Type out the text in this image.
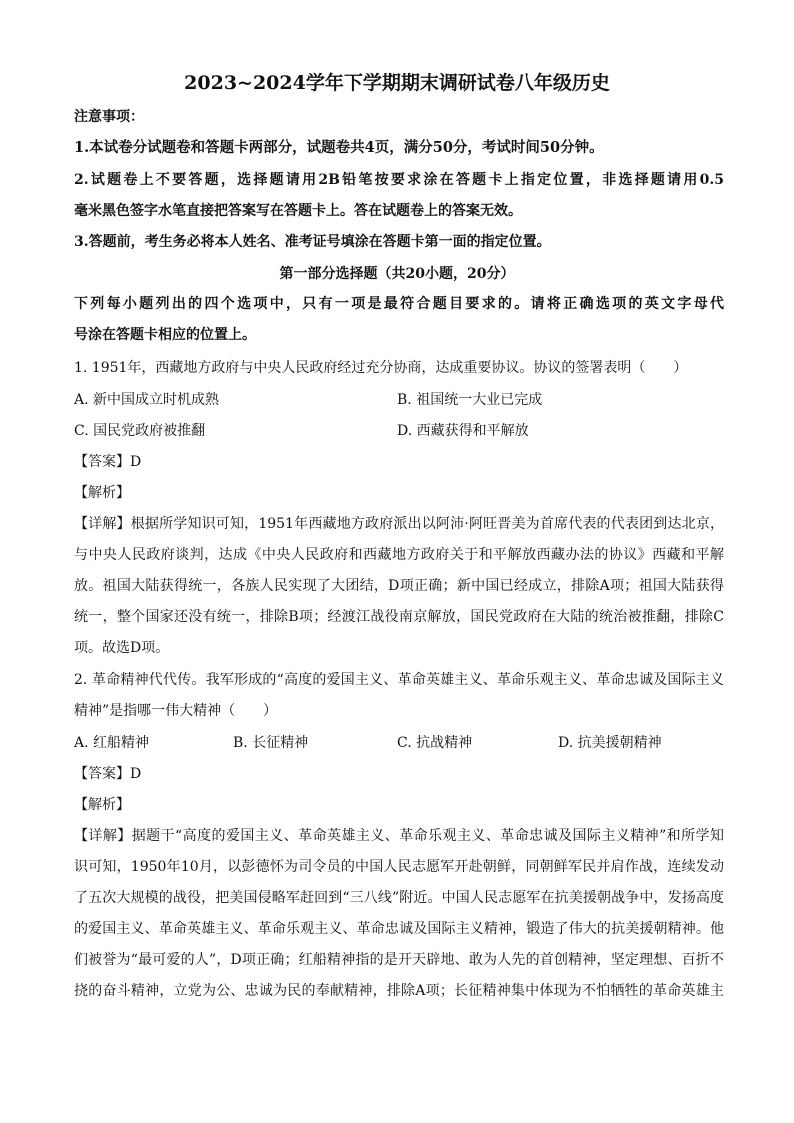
2023~2024学年下学期期末调研试卷八年级历史
注意事项：
1.本试卷分试题卷和答题卡两部分，试题卷共4页，满分50分，考试时间50分钟。
2.试题卷上不要答题，选择题请用2B铅笔按要求涂在答题卡上指定位置，非选择题请用0.5
毫米黑色签字水笔直接把答案写在答题卡上。答在试题卷上的答案无效。
3.答题前，考生务必将本人姓名、准考证号填涂在答题卡第一面的指定位置。
第一部分选择题（共20小题，20分）
下列每小题列出的四个选项中，只有一项是最符合题目要求的。请将正确选项的英文字母代
号涂在答题卡相应的位置上。
1. 1951年，西藏地方政府与中央人民政府经过充分协商，达成重要协议。协议的签署表明（　　）
A. 新中国成立时机成熟	B. 祖国统一大业已完成
C. 国民党政府被推翻	D. 西藏获得和平解放
【答案】D
【解析】
【详解】根据所学知识可知，1951年西藏地方政府派出以阿沛·阿旺晋美为首席代表的代表团到达北京，
与中央人民政府谈判，达成《中央人民政府和西藏地方政府关于和平解放西藏办法的协议》西藏和平解
放。祖国大陆获得统一，各族人民实现了大团结，D项正确；新中国已经成立，排除A项；祖国大陆获得
统一，整个国家还没有统一，排除B项；经渡江战役南京解放，国民党政府在大陆的统治被推翻，排除C
项。故选D项。
2. 革命精神代代传。我军形成的“高度的爱国主义、革命英雄主义、革命乐观主义、革命忠诚及国际主义
精神”是指哪一伟大精神（　　）
A. 红船精神	B. 长征精神	C. 抗战精神	D. 抗美援朝精神
【答案】D
【解析】
【详解】据题干“高度的爱国主义、革命英雄主义、革命乐观主义、革命忠诚及国际主义精神”和所学知
识可知，1950年10月，以彭德怀为司令员的中国人民志愿军开赴朝鲜，同朝鲜军民并肩作战，连续发动
了五次大规模的战役，把美国侵略军赶回到“三八线”附近。中国人民志愿军在抗美援朝战争中，发扬高度
的爱国主义、革命英雄主义、革命乐观主义、革命忠诚及国际主义精神，锻造了伟大的抗美援朝精神。他
们被誉为“最可爱的人”，D项正确；红船精神指的是开天辟地、敢为人先的首创精神，坚定理想、百折不
挠的奋斗精神，立党为公、忠诚为民的奉献精神，排除A项；长征精神集中体现为不怕牺牲的革命英雄主
